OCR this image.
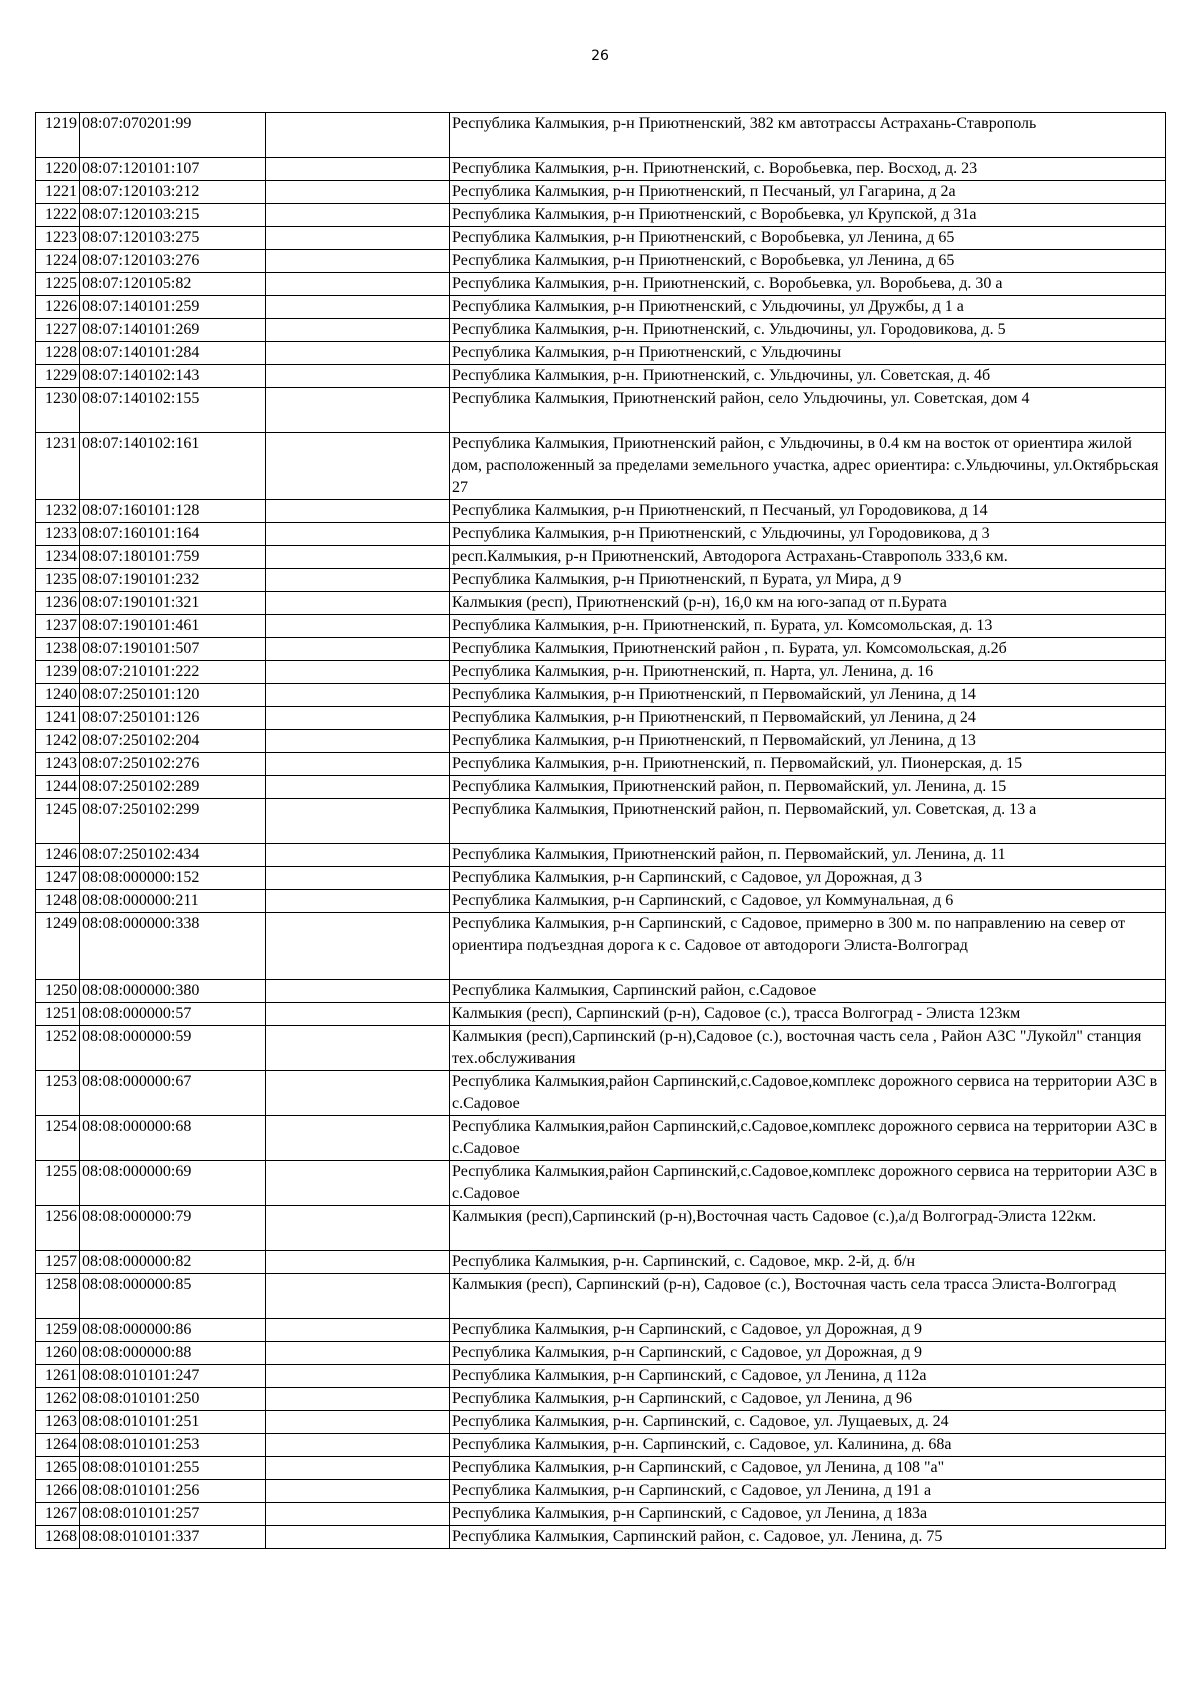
26
1219	08:07:070201:99		Республика Калмыкия, р-н Приютненский, 382 км автотрассы Астрахань-Ставрополь
1220	08:07:120101:107		Республика Калмыкия, р-н. Приютненский, с. Воробьевка, пер. Восход, д. 23
1221	08:07:120103:212		Республика Калмыкия, р-н Приютненский, п Песчаный, ул Гагарина, д 2а
1222	08:07:120103:215		Республика Калмыкия, р-н Приютненский, с Воробьевка, ул Крупской, д 31а
1223	08:07:120103:275		Республика Калмыкия, р-н Приютненский, с Воробьевка, ул Ленина, д 65
1224	08:07:120103:276		Республика Калмыкия, р-н Приютненский, с Воробьевка, ул Ленина, д 65
1225	08:07:120105:82		Республика Калмыкия, р-н. Приютненский, с. Воробьевка, ул. Воробьева, д. 30 а
1226	08:07:140101:259		Республика Калмыкия, р-н Приютненский, с Ульдючины, ул Дружбы, д 1 а
1227	08:07:140101:269		Республика Калмыкия, р-н. Приютненский, с. Ульдючины, ул. Городовикова, д. 5
1228	08:07:140101:284		Республика Калмыкия, р-н Приютненский, с Ульдючины
1229	08:07:140102:143		Республика Калмыкия, р-н. Приютненский, с. Ульдючины, ул. Советская, д. 4б
1230	08:07:140102:155		Республика Калмыкия, Приютненский район, село Ульдючины, ул. Советская, дом 4
1231	08:07:140102:161		Республика Калмыкия, Приютненский район, с Ульдючины, в 0.4 км на восток от ориентира жилой дом, расположенный за пределами земельного участка, адрес ориентира: с.Ульдючины, ул.Октябрьская 27
1232	08:07:160101:128		Республика Калмыкия, р-н Приютненский, п Песчаный, ул Городовикова, д 14
1233	08:07:160101:164		Республика Калмыкия, р-н Приютненский, с Ульдючины, ул Городовикова, д 3
1234	08:07:180101:759		респ.Калмыкия, р-н Приютненский, Автодорога Астрахань-Ставрополь 333,6 км.
1235	08:07:190101:232		Республика Калмыкия, р-н Приютненский, п Бурата, ул Мира, д 9
1236	08:07:190101:321		Калмыкия (респ), Приютненский (р-н), 16,0 км на юго-запад от п.Бурата
1237	08:07:190101:461		Республика Калмыкия, р-н. Приютненский, п. Бурата, ул. Комсомольская, д. 13
1238	08:07:190101:507		Республика Калмыкия, Приютненский район , п. Бурата, ул. Комсомольская, д.2б
1239	08:07:210101:222		Республика Калмыкия, р-н. Приютненский, п. Нарта, ул. Ленина, д. 16
1240	08:07:250101:120		Республика Калмыкия, р-н Приютненский, п Первомайский, ул Ленина, д 14
1241	08:07:250101:126		Республика Калмыкия, р-н Приютненский, п Первомайский, ул Ленина, д 24
1242	08:07:250102:204		Республика Калмыкия, р-н Приютненский, п Первомайский, ул Ленина, д 13
1243	08:07:250102:276		Республика Калмыкия, р-н. Приютненский, п. Первомайский, ул. Пионерская, д. 15
1244	08:07:250102:289		Республика Калмыкия, Приютненский район, п. Первомайский, ул. Ленина, д. 15
1245	08:07:250102:299		Республика Калмыкия, Приютненский район, п. Первомайский, ул. Советская, д. 13 а
1246	08:07:250102:434		Республика Калмыкия, Приютненский район, п. Первомайский, ул. Ленина, д. 11
1247	08:08:000000:152		Республика Калмыкия, р-н Сарпинский, с Садовое, ул Дорожная, д 3
1248	08:08:000000:211		Республика Калмыкия, р-н Сарпинский, с Садовое, ул Коммунальная, д 6
1249	08:08:000000:338		Республика Калмыкия, р-н Сарпинский, с Садовое, примерно в 300 м. по направлению на север от ориентира подъездная дорога к с. Садовое от автодороги Элиста-Волгоград
1250	08:08:000000:380		Республика Калмыкия, Сарпинский район, с.Садовое
1251	08:08:000000:57		Калмыкия (респ), Сарпинский (р-н), Садовое (с.), трасса Волгоград - Элиста 123км
1252	08:08:000000:59		Калмыкия (респ),Сарпинский (р-н),Садовое (с.), восточная часть села , Район АЗС "Лукойл" станция тех.обслуживания
1253	08:08:000000:67		Республика Калмыкия,район Сарпинский,с.Садовое,комплекс дорожного сервиса на территории АЗС в с.Садовое
1254	08:08:000000:68		Республика Калмыкия,район Сарпинский,с.Садовое,комплекс дорожного сервиса на территории АЗС в с.Садовое
1255	08:08:000000:69		Республика Калмыкия,район Сарпинский,с.Садовое,комплекс дорожного сервиса на территории АЗС в с.Садовое
1256	08:08:000000:79		Калмыкия (респ),Сарпинский (р-н),Восточная часть Садовое (с.),а/д Волгоград-Элиста 122км.
1257	08:08:000000:82		Республика Калмыкия, р-н. Сарпинский, с. Садовое, мкр. 2-й, д. б/н
1258	08:08:000000:85		Калмыкия (респ), Сарпинский (р-н), Садовое (с.), Восточная часть села трасса Элиста-Волгоград
1259	08:08:000000:86		Республика Калмыкия, р-н Сарпинский, с Садовое, ул Дорожная, д 9
1260	08:08:000000:88		Республика Калмыкия, р-н Сарпинский, с Садовое, ул Дорожная, д 9
1261	08:08:010101:247		Республика Калмыкия, р-н Сарпинский, с Садовое, ул Ленина, д 112а
1262	08:08:010101:250		Республика Калмыкия, р-н Сарпинский, с Садовое, ул Ленина, д 96
1263	08:08:010101:251		Республика Калмыкия, р-н. Сарпинский, с. Садовое, ул. Лущаевых, д. 24
1264	08:08:010101:253		Республика Калмыкия, р-н. Сарпинский, с. Садовое, ул. Калинина, д. 68а
1265	08:08:010101:255		Республика Калмыкия, р-н Сарпинский, с Садовое, ул Ленина, д 108 "а"
1266	08:08:010101:256		Республика Калмыкия, р-н Сарпинский, с Садовое, ул Ленина, д 191 а
1267	08:08:010101:257		Республика Калмыкия, р-н Сарпинский, с Садовое, ул Ленина, д 183а
1268	08:08:010101:337		Республика Калмыкия, Сарпинский район, с. Садовое, ул. Ленина, д. 75
